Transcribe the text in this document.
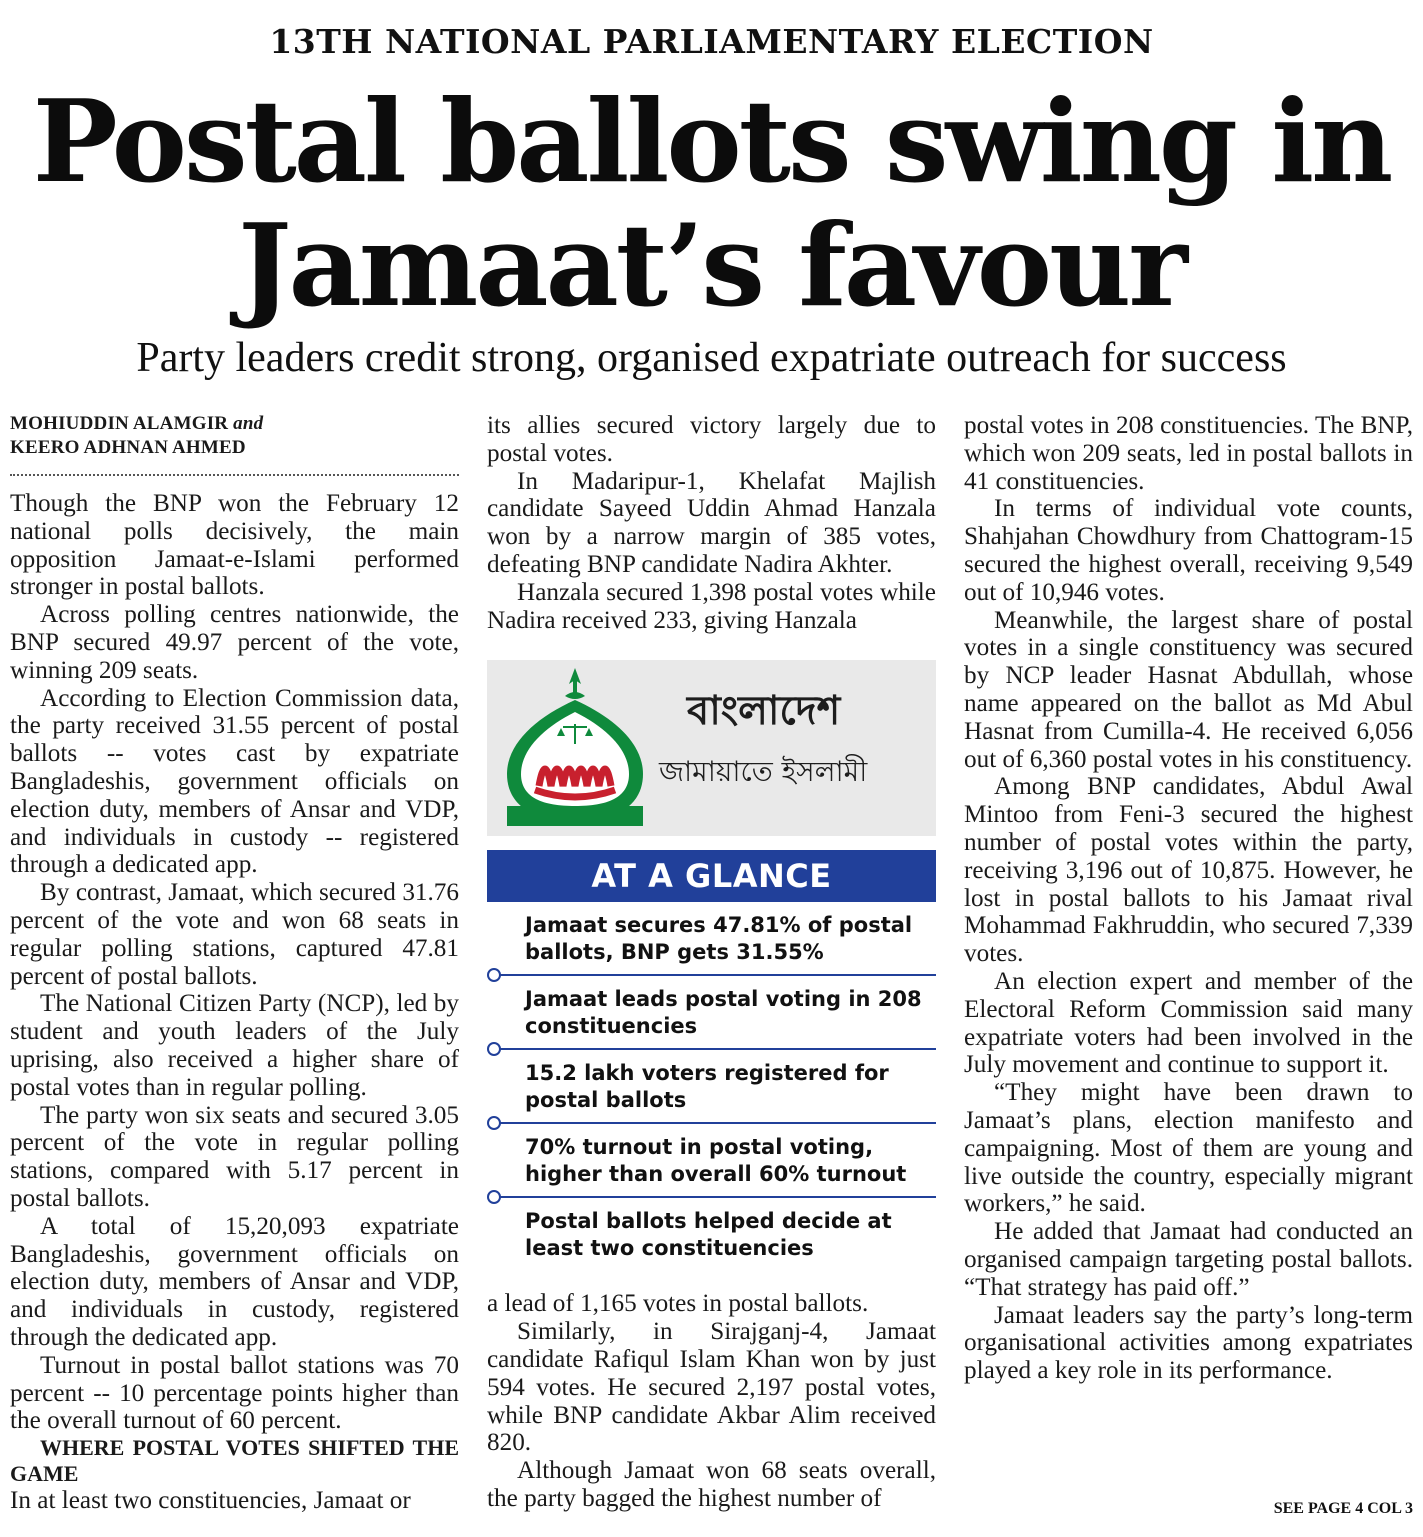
13TH NATIONAL PARLIAMENTARY ELECTION
Postal ballots swing in
Jamaat’s favour
Party leaders credit strong, organised expatriate outreach for success
MOHIUDDIN ALAMGIR and
KEERO ADHNAN AHMED

Though the BNP won the February 12 national polls decisively, the main opposition Jamaat-e-Islami performed stronger in postal ballots.

Across polling centres nationwide, the BNP secured 49.97 percent of the vote, winning 209 seats.

According to Election Commission data, the party received 31.55 percent of postal ballots -- votes cast by expatriate Bangladeshis, government officials on election duty, members of Ansar and VDP, and individuals in custody -- registered through a dedicated app.

By contrast, Jamaat, which secured 31.76 percent of the vote and won 68 seats in regular polling stations, captured 47.81 percent of postal ballots.

The National Citizen Party (NCP), led by student and youth leaders of the July uprising, also received a higher share of postal votes than in regular polling.

The party won six seats and secured 3.05 percent of the vote in regular polling stations, compared with 5.17 percent in postal ballots.

A total of 15,20,093 expatriate Bangladeshis, government officials on election duty, members of Ansar and VDP, and individuals in custody, registered through the dedicated app.

Turnout in postal ballot stations was 70 percent -- 10 percentage points higher than the overall turnout of 60 percent.

WHERE POSTAL VOTES SHIFTED THE GAME

In at least two constituencies, Jamaat or

its allies secured victory largely due to postal votes.

In Madaripur-1, Khelafat Majlish candidate Sayeed Uddin Ahmad Hanzala won by a narrow margin of 385 votes, defeating BNP candidate Nadira Akhter.

Hanzala secured 1,398 postal votes while Nadira received 233, giving Hanzala

বাংলাদেশ
জামায়াতে ইসলামী
AT A GLANCE
Jamaat secures 47.81% of postal ballots, BNP gets 31.55%
Jamaat leads postal voting in 208 constituencies
15.2 lakh voters registered for postal ballots
70% turnout in postal voting, higher than overall 60% turnout
Postal ballots helped decide at least two constituencies

a lead of 1,165 votes in postal ballots.

Similarly, in Sirajganj-4, Jamaat candidate Rafiqul Islam Khan won by just 594 votes. He secured 2,197 postal votes, while BNP candidate Akbar Alim received 820.

Although Jamaat won 68 seats overall, the party bagged the highest number of

postal votes in 208 constituencies. The BNP, which won 209 seats, led in postal ballots in 41 constituencies.

In terms of individual vote counts, Shahjahan Chowdhury from Chattogram-15 secured the highest overall, receiving 9,549 out of 10,946 votes.

Meanwhile, the largest share of postal votes in a single constituency was secured by NCP leader Hasnat Abdullah, whose name appeared on the ballot as Md Abul Hasnat from Cumilla-4. He received 6,056 out of 6,360 postal votes in his constituency.

Among BNP candidates, Abdul Awal Mintoo from Feni-3 secured the highest number of postal votes within the party, receiving 3,196 out of 10,875. However, he lost in postal ballots to his Jamaat rival Mohammad Fakhruddin, who secured 7,339 votes.

An election expert and member of the Electoral Reform Commission said many expatriate voters had been involved in the July movement and continue to support it.

“They might have been drawn to Jamaat’s plans, election manifesto and campaigning. Most of them are young and live outside the country, especially migrant workers,” he said.

He added that Jamaat had conducted an organised campaign targeting postal ballots. “That strategy has paid off.”

Jamaat leaders say the party’s long-term organisational activities among expatriates played a key role in its performance.

SEE PAGE 4 COL 3
